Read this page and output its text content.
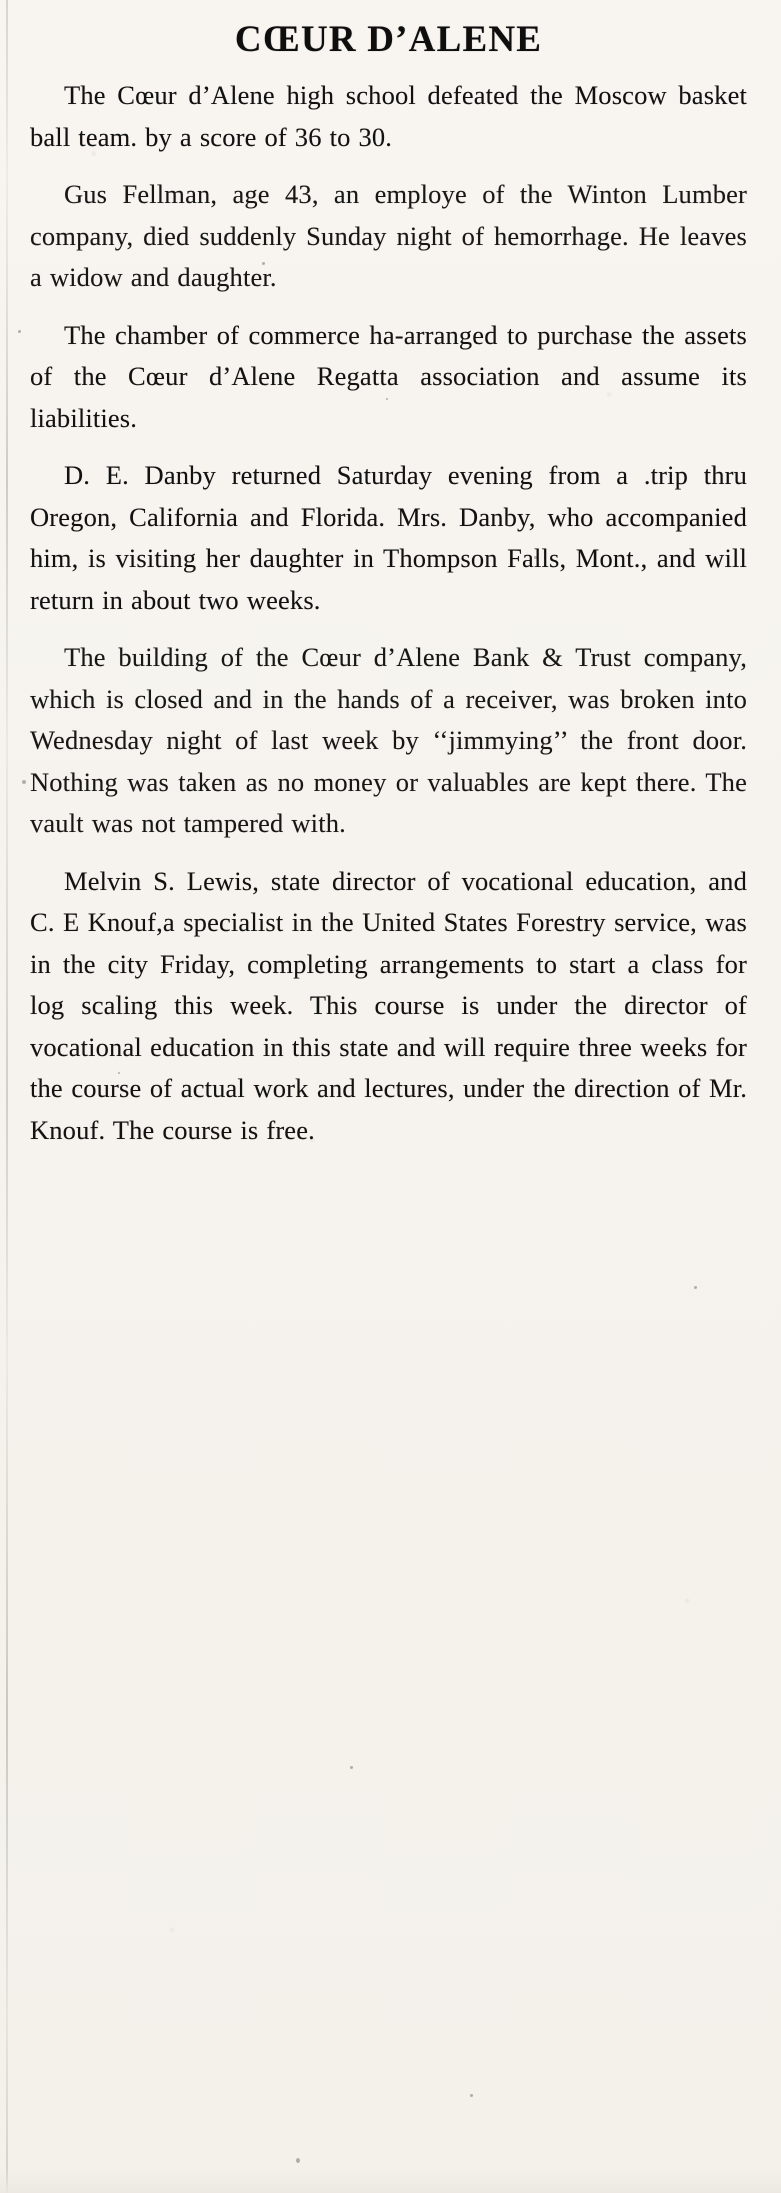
CŒUR D’ALENE

The Cœur d’Alene high school defeated the Moscow basket ball team. by a score of 36 to 30.

Gus Fellman, age 43, an employe of the Winton Lumber company, died suddenly Sunday night of hemorrhage. He leaves a widow and daughter.

The chamber of commerce ha-arranged to purchase the assets of the Cœur d’Alene Regatta association and assume its liabilities.

D. E. Danby returned Saturday evening from a .trip thru Oregon, California and Florida. Mrs. Danby, who accompanied him, is visiting her daughter in Thompson Falls, Mont., and will return in about two weeks.

The building of the Cœur d’Alene Bank & Trust company, which is closed and in the hands of a receiver, was broken into Wednesday night of last week by ‘‘jimmying’’ the front door. Nothing was taken as no money or valuables are kept there. The vault was not tampered with.

Melvin S. Lewis, state director of vocational education, and C. E Knouf,a specialist in the United States Forestry service, was in the city Friday, completing arrangements to start a class for log scaling this week. This course is under the director of vocational education in this state and will require three weeks for the course of actual work and lectures, under the direction of Mr. Knouf. The course is free.
